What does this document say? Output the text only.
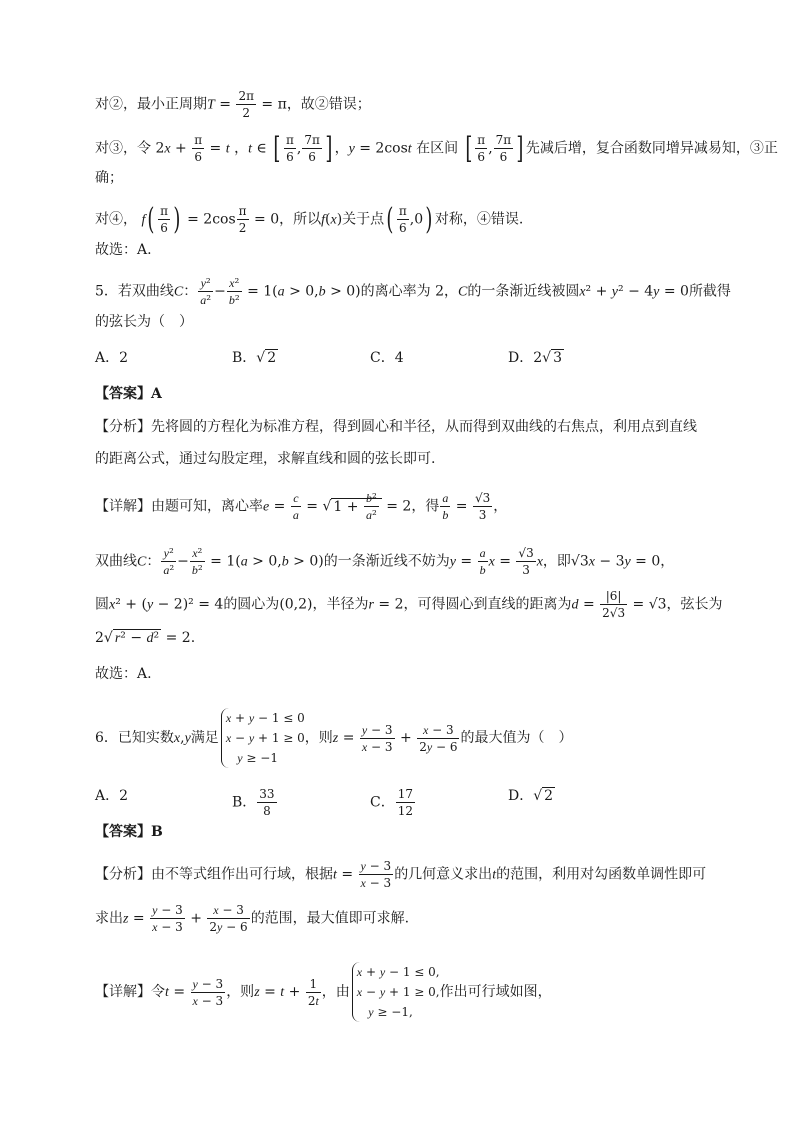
对②，最小正周期$T = \frac{2\pi}{2} = \pi$，故②错误；
对③，令 $2x + \frac{\pi}{6} = t$ ，t ∈ [ $\frac{\pi}{6}$ , $\frac{7\pi}{6}$ ] ，y = 2cost 在区间 [ $\frac{\pi}{6}$ , $\frac{7\pi}{6}$ ] 先减后增，复合函数同增异减易知，③正
确；
对④， $f( \frac{\pi}{6}$ ) = $2\cos \frac{\pi}{2} = 0$，所以f(x)关于点( $\frac{\pi}{6} ,0$) 对称，④错误.
故选：A.
5．若双曲线C： $\frac{\text{y²}}{\text{a²}} - \frac{\text{x²}}{\text{b²}} = 1(a > 0,b > 0)$的离心率为 2，C的一条渐近线被圆x² + y² − 4y = 0所截得
的弦长为（　）
A．2	B．√ 2	C．4	D．2√ 3
【答案】A
【分析】先将圆的方程化为标准方程，得到圆心和半径，从而得到双曲线的右焦点，利用点到直线
的距离公式，通过勾股定理，求解直线和圆的弦长即可.
【详解】由题可知，离心率$e = \frac{c}{a}$ = √ $1 + \frac{\text{b²}}{\text{a²}} = 2$，得 $\frac{a}{b} = \frac{√3}{3}$ ，
双曲线C： $\frac{\text{y²}}{\text{a²}} - \frac{\text{x²}}{\text{b²}} = 1(a > 0,b > 0)$的一条渐近线不妨为$y = \frac{a}{b}$ $x = \frac{√3}{3}$ x，即√3x − 3y = 0，
圆x² + (y − 2)² = 4的圆心为(0,2)，半径为r = 2，可得圆心到直线的距离为$d = \frac{|6|}{2√3} = √3$，弦长为
2√ r² − d² = 2.
故选：A.
6．已知实数x,y满足
x + y − 1 ≤ 0
x − y + 1 ≥ 0
y ≥ −1
，则$z = \frac{y - 3}{x - 3} + \frac{x - 3}{2y - 6}$ 的最大值为（　）
A．2	B． $\frac{33}{8}$	C． $\frac{17}{12}$	D．√ 2
【答案】B
【分析】由不等式组作出可行域，根据$t = \frac{y - 3}{x - 3}$ 的几何意义求出t的范围，利用对勾函数单调性即可
求出$z = \frac{y - 3}{x - 3} + \frac{x - 3}{2y - 6}$ 的范围，最大值即可求解.
【详解】令$t = \frac{y - 3}{x - 3}$ ，则$z = t + \frac{1}{2t}$ ，由
x + y − 1 ≤ 0,
x − y + 1 ≥ 0,
y ≥ −1,
作出可行域如图，
